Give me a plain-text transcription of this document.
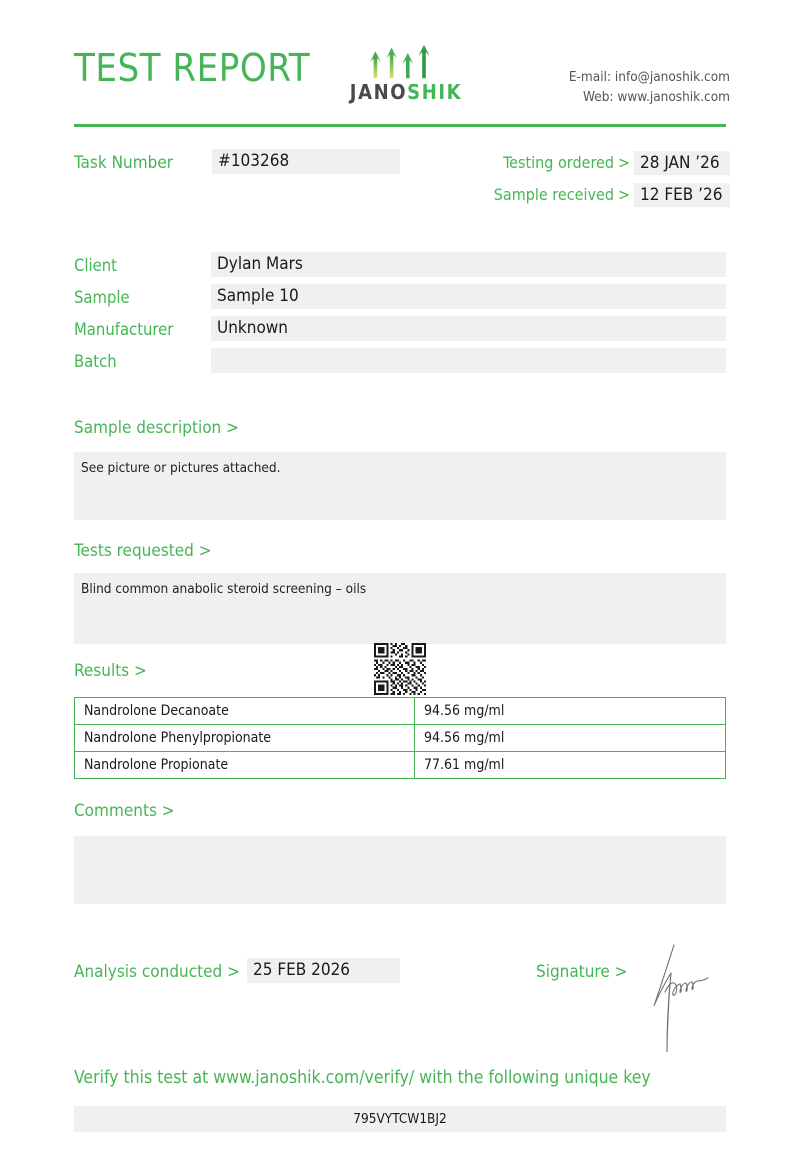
TEST REPORT
JANOSHIK
E-mail: info@janoshik.com
Web: www.janoshik.com
Task Number	#103268	Testing ordered > 28 JAN ’26
Sample received > 12 FEB ’26
Client	Dylan Mars
Sample	Sample 10
Manufacturer	Unknown
Batch
Sample description >
See picture or pictures attached.
Tests requested >
Blind common anabolic steroid screening – oils
Results >
Nandrolone Decanoate	94.56 mg/ml
Nandrolone Phenylpropionate	94.56 mg/ml
Nandrolone Propionate	77.61 mg/ml
Comments >
Analysis conducted > 25 FEB 2026	Signature >
Verify this test at www.janoshik.com/verify/ with the following unique key
795VYTCW1BJ2
